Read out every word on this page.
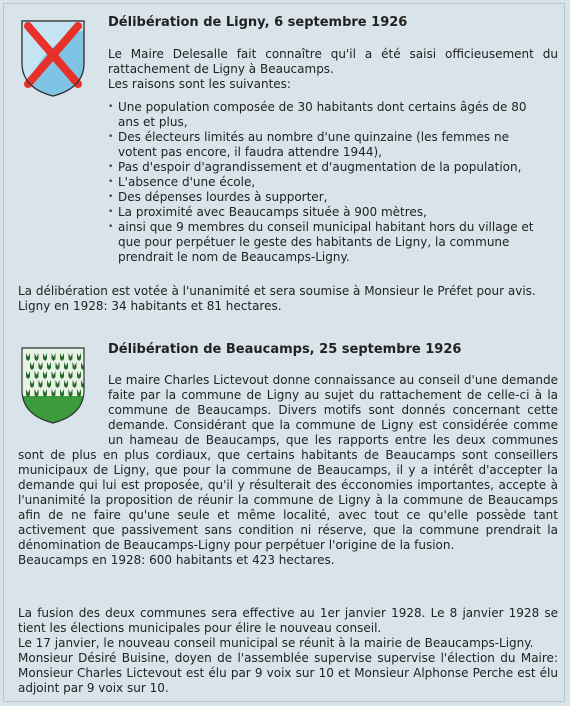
Délibération de Ligny, 6 septembre 1926

Le Maire Delesalle fait connaître qu'il a été saisi officieusement du rattachement de Ligny à Beaucamps.

Les raisons sont les suivantes:

• Une population composée de 30 habitants dont certains âgés de 80 ans et plus,
• Des électeurs limités au nombre d'une quinzaine (les femmes ne votent pas encore, il faudra attendre 1944),
• Pas d'espoir d'agrandissement et d'augmentation de la population,
• L'absence d'une école,
• Des dépenses lourdes à supporter,
• La proximité avec Beaucamps située à 900 mètres,
• ainsi que 9 membres du conseil municipal habitant hors du village et que pour perpétuer le geste des habitants de Ligny, la commune prendrait le nom de Beaucamps-Ligny.

La délibération est votée à l'unanimité et sera soumise à Monsieur le Préfet pour avis.

Ligny en 1928: 34 habitants et 81 hectares.

Délibération de Beaucamps, 25 septembre 1926

Le maire Charles Lictevout donne connaissance au conseil d'une demande faite par la commune de Ligny au sujet du rattachement de celle-ci à la commune de Beaucamps. Divers motifs sont donnés concernant cette demande. Considérant que la commune de Ligny est considérée comme un hameau de Beaucamps, que les rapports entre les deux communes sont de plus en plus cordiaux, que certains habitants de Beaucamps sont conseillers municipaux de Ligny, que pour la commune de Beaucamps, il y a intérêt d'accepter la demande qui lui est proposée, qu'il y résulterait des écconomies importantes, accepte à l'unanimité la proposition de réunir la commune de Ligny à la commune de Beaucamps afin de ne faire qu'une seule et même localité, avec tout ce qu'elle possède tant activement que passivement sans condition ni réserve, que la commune prendrait la dénomination de Beaucamps-Ligny pour perpétuer l'origine de la fusion.

Beaucamps en 1928: 600 habitants et 423 hectares.

La fusion des deux communes sera effective au 1er janvier 1928. Le 8 janvier 1928 se tient les élections municipales pour élire le nouveau conseil.

Le 17 janvier, le nouveau conseil municipal se réunit à la mairie de Beaucamps-Ligny.

Monsieur Désiré Buisine, doyen de l'assemblée supervise supervise l'élection du Maire: Monsieur Charles Lictevout est élu par 9 voix sur 10 et Monsieur Alphonse Perche est élu adjoint par 9 voix sur 10.
